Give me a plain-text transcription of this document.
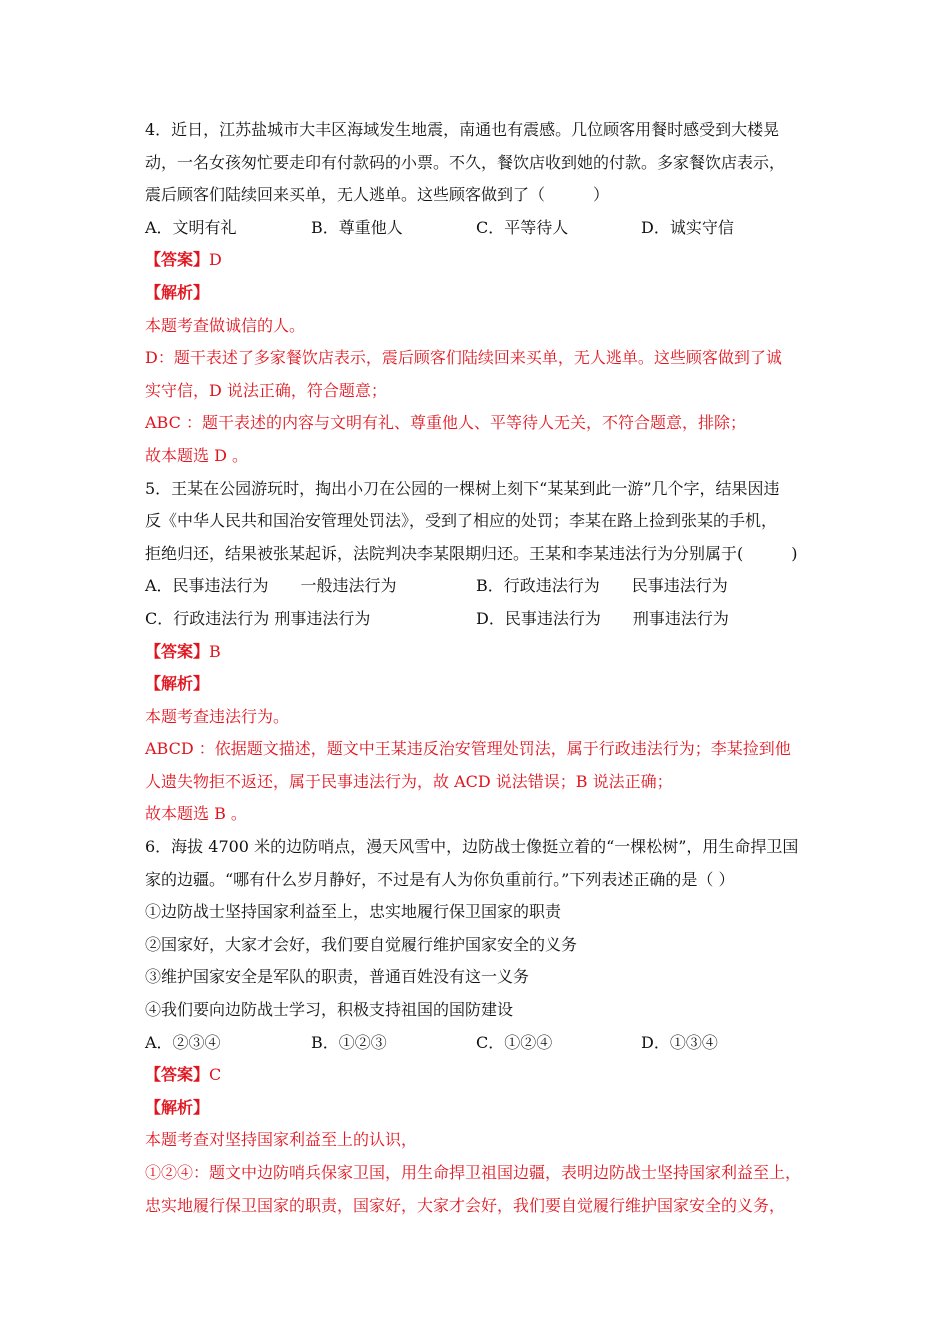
4．近日，江苏盐城市大丰区海域发生地震，南通也有震感。几位顾客用餐时感受到大楼晃
动，一名女孩匆忙要走印有付款码的小票。不久，餐饮店收到她的付款。多家餐饮店表示，
震后顾客们陆续回来买单，无人逃单。这些顾客做到了（　　　）
A．文明有礼	B．尊重他人	C．平等待人	D．诚实守信
【答案】D
【解析】
本题考查做诚信的人。
D：题干表述了多家餐饮店表示，震后顾客们陆续回来买单，无人逃单。这些顾客做到了诚
实守信，D 说法正确，符合题意；
ABC ：题干表述的内容与文明有礼、尊重他人、平等待人无关，不符合题意，排除；
故本题选 D 。
5．王某在公园游玩时，掏出小刀在公园的一棵树上刻下“某某到此一游”几个字，结果因违
反《中华人民共和国治安管理处罚法》，受到了相应的处罚；李某在路上捡到张某的手机，
拒绝归还，结果被张某起诉，法院判决李某限期归还。王某和李某违法行为分别属于(　　　)
A．民事违法行为　　一般违法行为	B．行政违法行为　　民事违法行为
C．行政违法行为 刑事违法行为	D．民事违法行为　　刑事违法行为
【答案】B
【解析】
本题考查违法行为。
ABCD ：依据题文描述，题文中王某违反治安管理处罚法，属于行政违法行为；李某捡到他
人遗失物拒不返还，属于民事违法行为，故 ACD 说法错误；B 说法正确；
故本题选 B 。
6．海拔 4700 米的边防哨点，漫天风雪中，边防战士像挺立着的“一棵松树”，用生命捍卫国
家的边疆。“哪有什么岁月静好，不过是有人为你负重前行。”下列表述正确的是（ ）
①边防战士坚持国家利益至上，忠实地履行保卫国家的职责
②国家好，大家才会好，我们要自觉履行维护国家安全的义务
③维护国家安全是军队的职责，普通百姓没有这一义务
④我们要向边防战士学习，积极支持祖国的国防建设
A．②③④	B．①②③	C．①②④	D．①③④
【答案】C
【解析】
本题考查对坚持国家利益至上的认识，
①②④：题文中边防哨兵保家卫国，用生命捍卫祖国边疆，表明边防战士坚持国家利益至上，
忠实地履行保卫国家的职责，国家好，大家才会好，我们要自觉履行维护国家安全的义务，
